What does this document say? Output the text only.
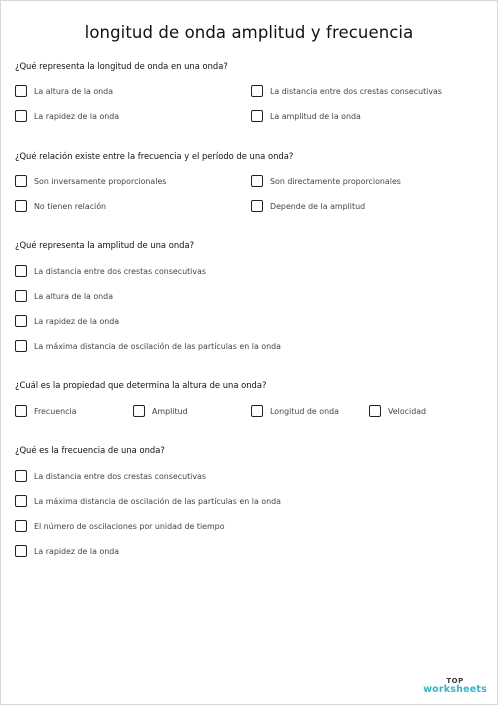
longitud de onda amplitud y frecuencia
¿Qué representa la longitud de onda en una onda?
La altura de la onda	La distancia entre dos crestas consecutivas
La rapidez de la onda	La amplitud de la onda
¿Qué relación existe entre la frecuencia y el período de una onda?
Son inversamente proporcionales	Son directamente proporcionales
No tienen relación	Depende de la amplitud
¿Qué representa la amplitud de una onda?
La distancia entre dos crestas consecutivas
La altura de la onda
La rapidez de la onda
La máxima distancia de oscilación de las partículas en la onda
¿Cuál es la propiedad que determina la altura de una onda?
Frecuencia	Amplitud	Longitud de onda	Velocidad
¿Qué es la frecuencia de una onda?
La distancia entre dos crestas consecutivas
La máxima distancia de oscilación de las partículas en la onda
El número de oscilaciones por unidad de tiempo
La rapidez de la onda
TOP
worksheets
